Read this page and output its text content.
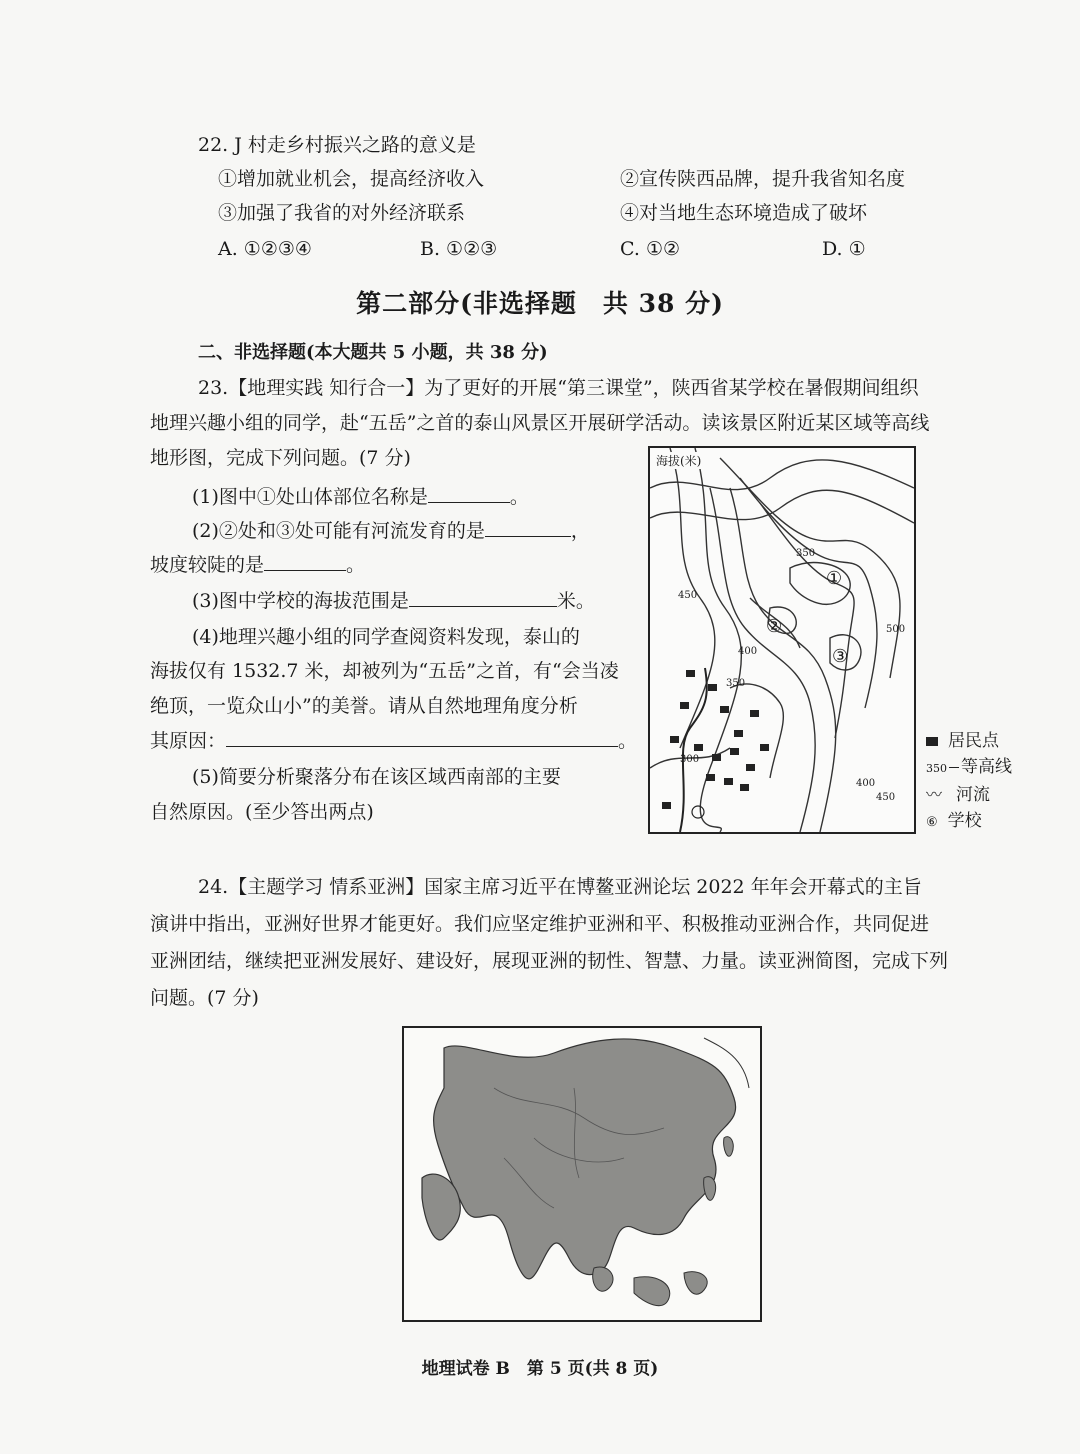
22. J 村走乡村振兴之路的意义是
①增加就业机会，提高经济收入	②宣传陕西品牌，提升我省知名度
③加强了我省的对外经济联系	④对当地生态环境造成了破坏
A. ①②③④	B. ①②③	C. ①②	D. ①
第二部分(非选择题　共 38 分)
二、非选择题(本大题共 5 小题，共 38 分)
23.【地理实践 知行合一】为了更好的开展“第三课堂”，陕西省某学校在暑假期间组织
地理兴趣小组的同学，赴“五岳”之首的泰山风景区开展研学活动。读该景区附近某区域等高线
地形图，完成下列问题。(7 分)
(1)图中①处山体部位名称是	。
(2)②处和③处可能有河流发育的是	，
坡度较陡的是	。
(3)图中学校的海拔范围是	米。
(4)地理兴趣小组的同学查阅资料发现，泰山的
海拔仅有 1532.7 米，却被列为“五岳”之首，有“会当凌
绝顶，一览众山小”的美誉。请从自然地理角度分析
其原因：	。
(5)简要分析聚落分布在该区域西南部的主要
自然原因。(至少答出两点)
海拔(米)
①
②
③
350
450
400
350
500
300
400
450
居民点
350 等高线
〰 河流
⑥ 学校
24.【主题学习 情系亚洲】国家主席习近平在博鳌亚洲论坛 2022 年年会开幕式的主旨
演讲中指出，亚洲好世界才能更好。我们应坚定维护亚洲和平、积极推动亚洲合作，共同促进
亚洲团结，继续把亚洲发展好、建设好，展现亚洲的韧性、智慧、力量。读亚洲简图，完成下列
问题。(7 分)
地理试卷 B　第 5 页(共 8 页)
